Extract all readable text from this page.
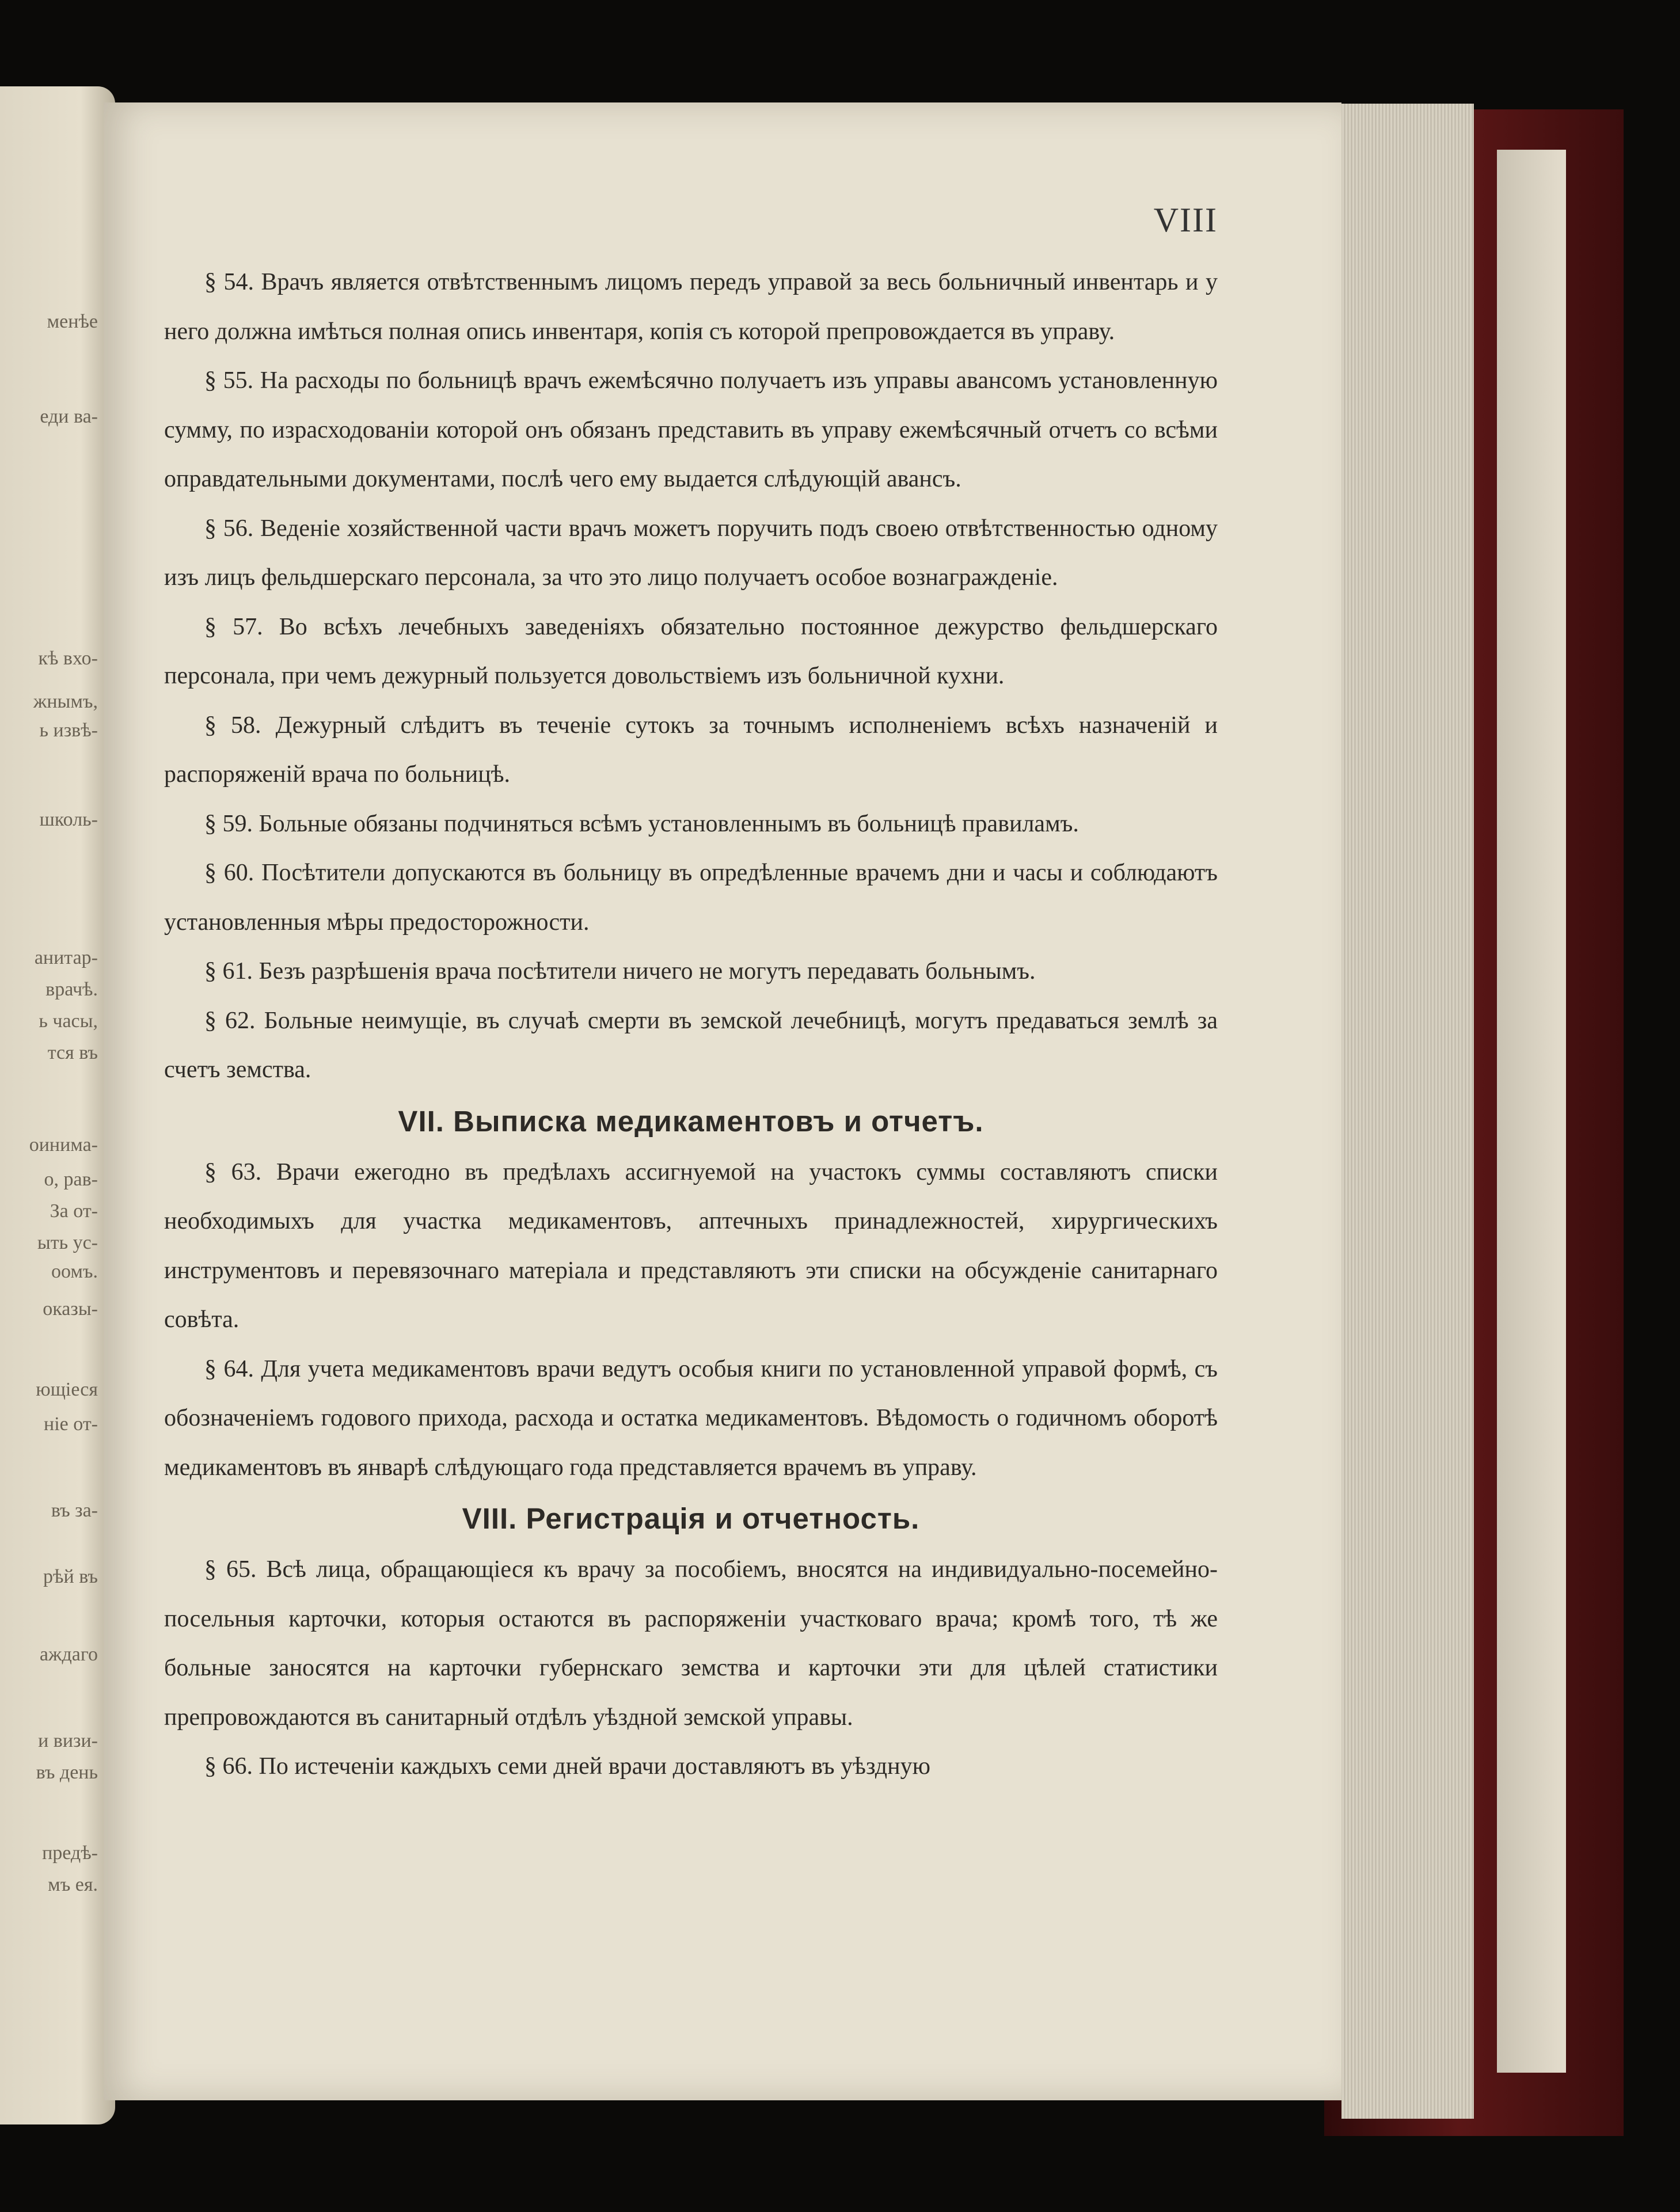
менѣе
еди ва-
кѣ вхо-
жнымъ,
ь извѣ-
школь-
анитар-
врачѣ.
ь часы,
тся въ
оинима-
о, рав-
За от-
ыть ус-
оомъ.
оказы-
ющiеся
нiе от-
въ за-
рѣй въ
аждаго
и визи-
въ день
предѣ-
мъ ея.
VIII

§ 54. Врачъ является отвѣтственнымъ лицомъ передъ управой за весь больничный инвентарь и у него должна имѣться полная опись инвентаря, копiя съ которой препровождается въ управу.

§ 55. На расходы по больницѣ врачъ ежемѣсячно получаетъ изъ управы авансомъ установленную сумму, по израсходованiи которой онъ обязанъ представить въ управу ежемѣсячный отчетъ со всѣми оправдательными документами, послѣ чего ему выдается слѣдующiй авансъ.

§ 56. Веденiе хозяйственной части врачъ можетъ поручить подъ своею отвѣтственностью одному изъ лицъ фельдшерскаго персонала, за что это лицо получаетъ особое вознагражденiе.

§ 57. Во всѣхъ лечебныхъ заведенiяхъ обязательно постоянное дежурство фельдшерскаго персонала, при чемъ дежурный пользуется довольствiемъ изъ больничной кухни.

§ 58. Дежурный слѣдитъ въ теченiе сутокъ за точнымъ исполненiемъ всѣхъ назначенiй и распоряженiй врача по больницѣ.

§ 59. Больные обязаны подчиняться всѣмъ установленнымъ въ больницѣ правиламъ.

§ 60. Посѣтители допускаются въ больницу въ опредѣленные врачемъ дни и часы и соблюдаютъ установленныя мѣры предосторожности.

§ 61. Безъ разрѣшенiя врача посѣтители ничего не могутъ передавать больнымъ.

§ 62. Больные неимущiе, въ случаѣ смерти въ земской лечебницѣ, могутъ предаваться землѣ за счетъ земства.

VII. Выписка медикаментовъ и отчетъ.

§ 63. Врачи ежегодно въ предѣлахъ ассигнуемой на участокъ суммы составляютъ списки необходимыхъ для участка медикаментовъ, аптечныхъ принадлежностей, хирургическихъ инструментовъ и перевязочнаго матерiала и представляютъ эти списки на обсужденiе санитарнаго совѣта.

§ 64. Для учета медикаментовъ врачи ведутъ особыя книги по установленной управой формѣ, съ обозначенiемъ годового прихода, расхода и остатка медикаментовъ. Вѣдомость о годичномъ оборотѣ медикаментовъ въ январѣ слѣдующаго года представляется врачемъ въ управу.

VIII. Регистрацiя и отчетность.

§ 65. Всѣ лица, обращающiеся къ врачу за пособiемъ, вносятся на индивидуально-посемейно-посельныя карточки, которыя остаются въ распоряженiи участковаго врача; кромѣ того, тѣ же больные заносятся на карточки губернскаго земства и карточки эти для цѣлей статистики препровождаются въ санитарный отдѣлъ уѣздной земской управы.

§ 66. По истеченiи каждыхъ семи дней врачи доставляютъ въ уѣздную
